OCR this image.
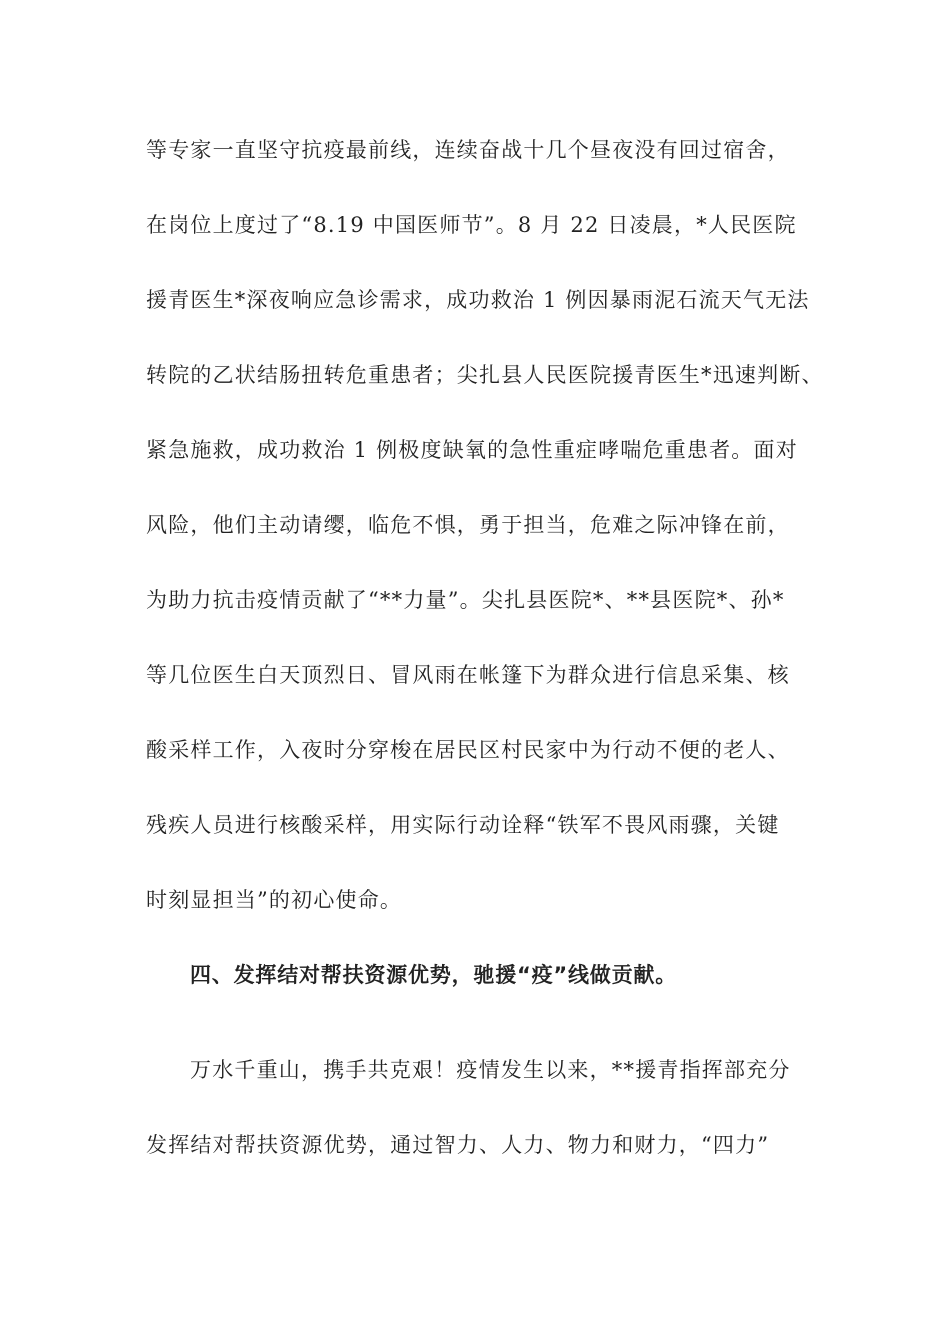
等专家一直坚守抗疫最前线，连续奋战十几个昼夜没有回过宿舍，
在岗位上度过了“8.19 中国医师节”。8 月 22 日凌晨，*人民医院
援青医生*深夜响应急诊需求，成功救治 1 例因暴雨泥石流天气无法
转院的乙状结肠扭转危重患者；尖扎县人民医院援青医生*迅速判断、
紧急施救，成功救治 1 例极度缺氧的急性重症哮喘危重患者。面对
风险，他们主动请缨，临危不惧，勇于担当，危难之际冲锋在前，
为助力抗击疫情贡献了“**力量”。尖扎县医院*、**县医院*、孙*
等几位医生白天顶烈日、冒风雨在帐篷下为群众进行信息采集、核
酸采样工作，入夜时分穿梭在居民区村民家中为行动不便的老人、
残疾人员进行核酸采样，用实际行动诠释“铁军不畏风雨骤，关键
时刻显担当”的初心使命。
四、发挥结对帮扶资源优势，驰援“疫”线做贡献。
万水千重山，携手共克艰！疫情发生以来，**援青指挥部充分
发挥结对帮扶资源优势，通过智力、人力、物力和财力，“四力”
